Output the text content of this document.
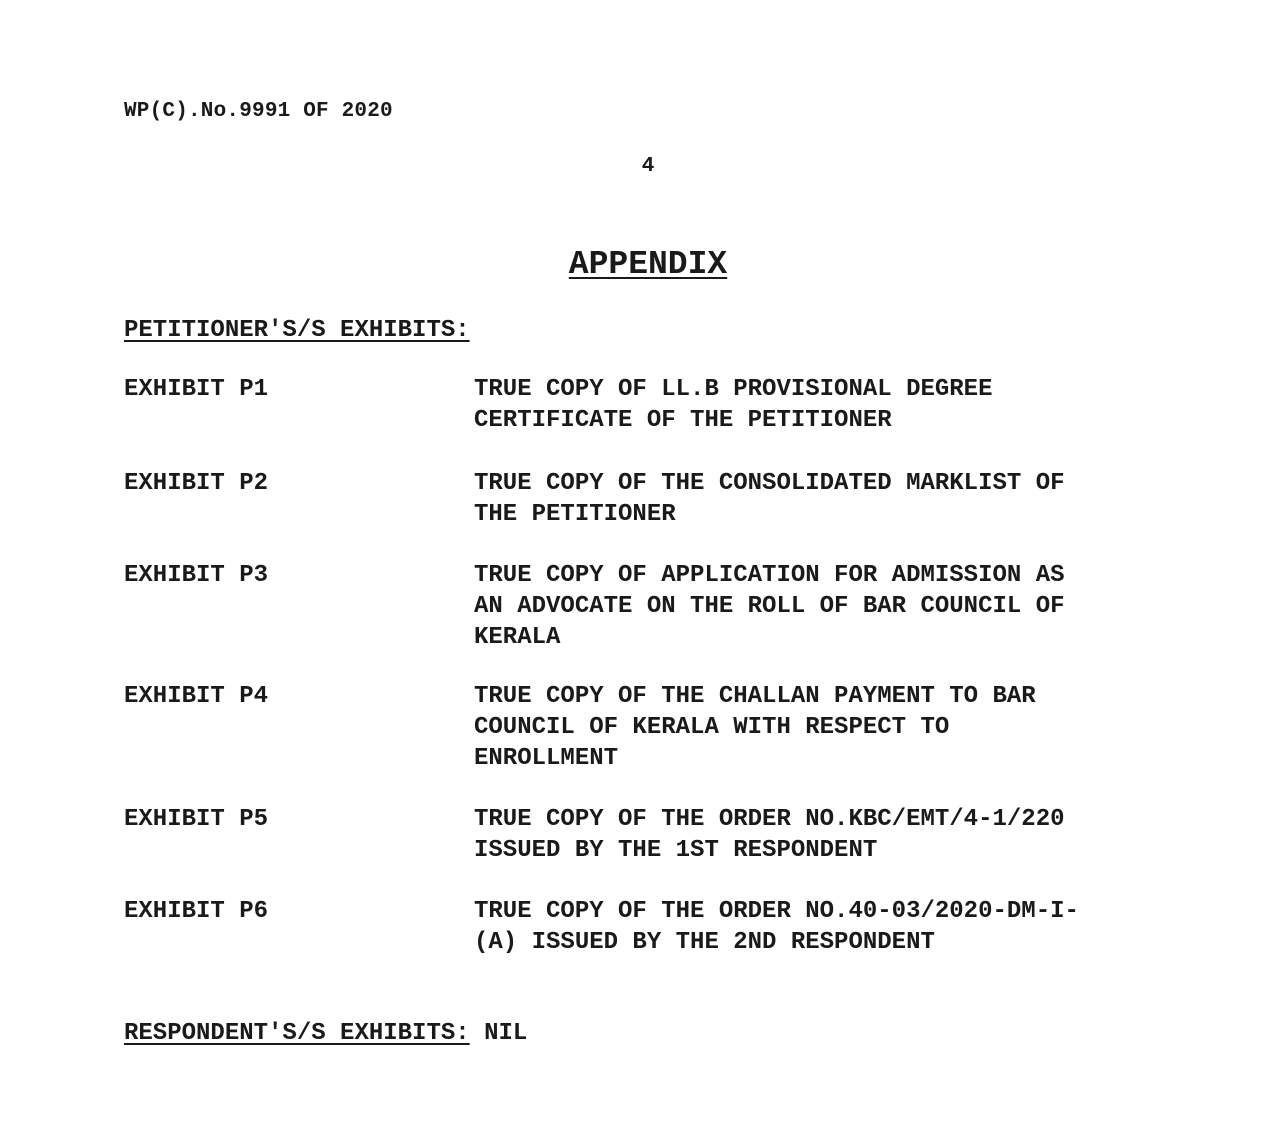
WP(C).No.9991 OF 2020
4
APPENDIX
PETITIONER'S/S EXHIBITS:
EXHIBIT P1	TRUE COPY OF LL.B PROVISIONAL DEGREE
CERTIFICATE OF THE PETITIONER
EXHIBIT P2	TRUE COPY OF THE CONSOLIDATED MARKLIST OF
THE PETITIONER
EXHIBIT P3	TRUE COPY OF APPLICATION FOR ADMISSION AS
AN ADVOCATE ON THE ROLL OF BAR COUNCIL OF
KERALA
EXHIBIT P4	TRUE COPY OF THE CHALLAN PAYMENT TO BAR
COUNCIL OF KERALA WITH RESPECT TO
ENROLLMENT
EXHIBIT P5	TRUE COPY OF THE ORDER NO.KBC/EMT/4-1/220
ISSUED BY THE 1ST RESPONDENT
EXHIBIT P6	TRUE COPY OF THE ORDER NO.40-03/2020-DM-I-
(A) ISSUED BY THE 2ND RESPONDENT
RESPONDENT'S/S EXHIBITS: NIL
